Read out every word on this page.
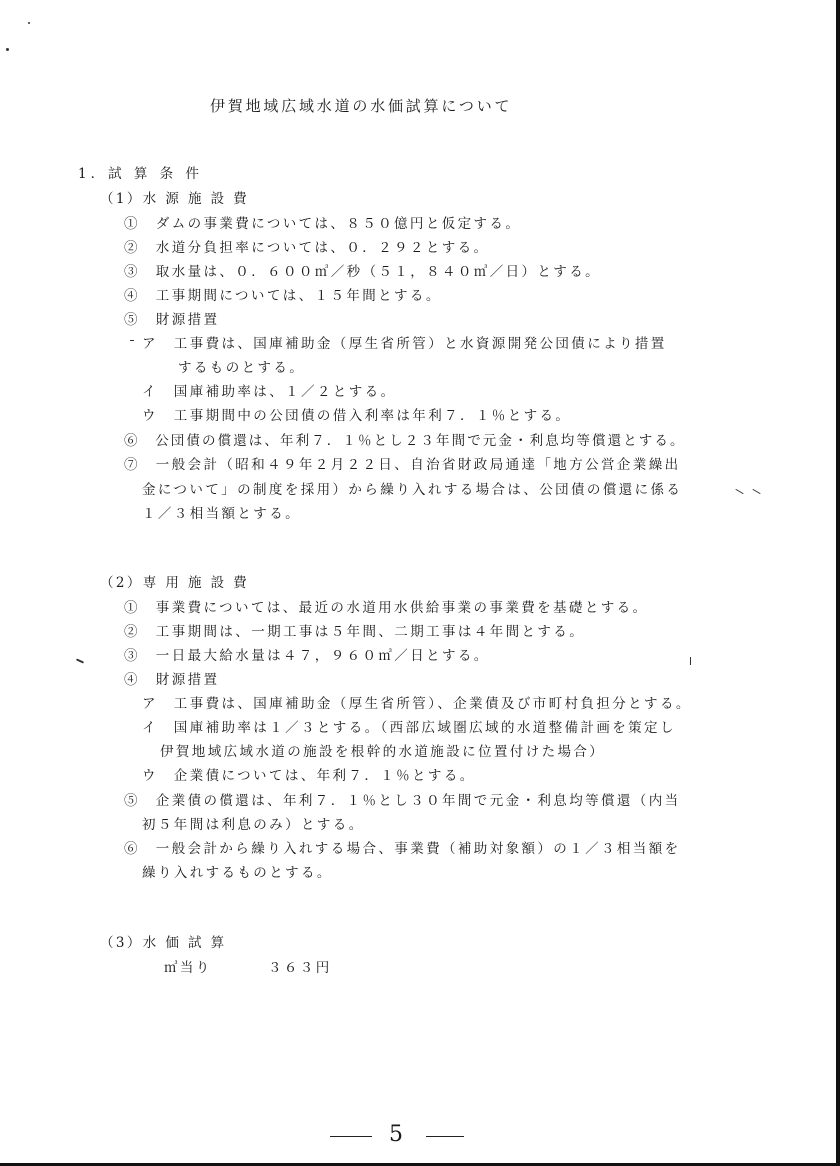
伊賀地域広域水道の水価試算について
1．試 算 条 件
（1）水 源 施 設 費
①　ダムの事業費については、８５０億円と仮定する。
②　水道分負担率については、０．２９２とする。
③　取水量は、０．６００㎥／秒（５１，８４０㎥／日）とする。
④　工事期間については、１５年間とする。
⑤　財源措置
ア　工事費は、国庫補助金（厚生省所管）と水資源開発公団債により措置
するものとする。
イ　国庫補助率は、１／２とする。
ウ　工事期間中の公団債の借入利率は年利７．１％とする。
⑥　公団債の償還は、年利７．１％とし２３年間で元金・利息均等償還とする。
⑦　一般会計（昭和４９年２月２２日、自治省財政局通達「地方公営企業繰出
金について」の制度を採用）から繰り入れする場合は、公団債の償還に係る
１／３相当額とする。
（2）専 用 施 設 費
①　事業費については、最近の水道用水供給事業の事業費を基礎とする。
②　工事期間は、一期工事は５年間、二期工事は４年間とする。
③　一日最大給水量は４７，９６０㎥／日とする。
④　財源措置
ア　工事費は、国庫補助金（厚生省所管）、企業債及び市町村負担分とする。
イ　国庫補助率は１／３とする。（西部広域圏広域的水道整備計画を策定し
伊賀地域広域水道の施設を根幹的水道施設に位置付けた場合）
ウ　企業債については、年利７．１％とする。
⑤　企業債の償還は、年利７．１％とし３０年間で元金・利息均等償還（内当
初５年間は利息のみ）とする。
⑥　一般会計から繰り入れする場合、事業費（補助対象額）の１／３相当額を
繰り入れするものとする。
（3）水 価 試 算
㎥当り	３６３円
5
